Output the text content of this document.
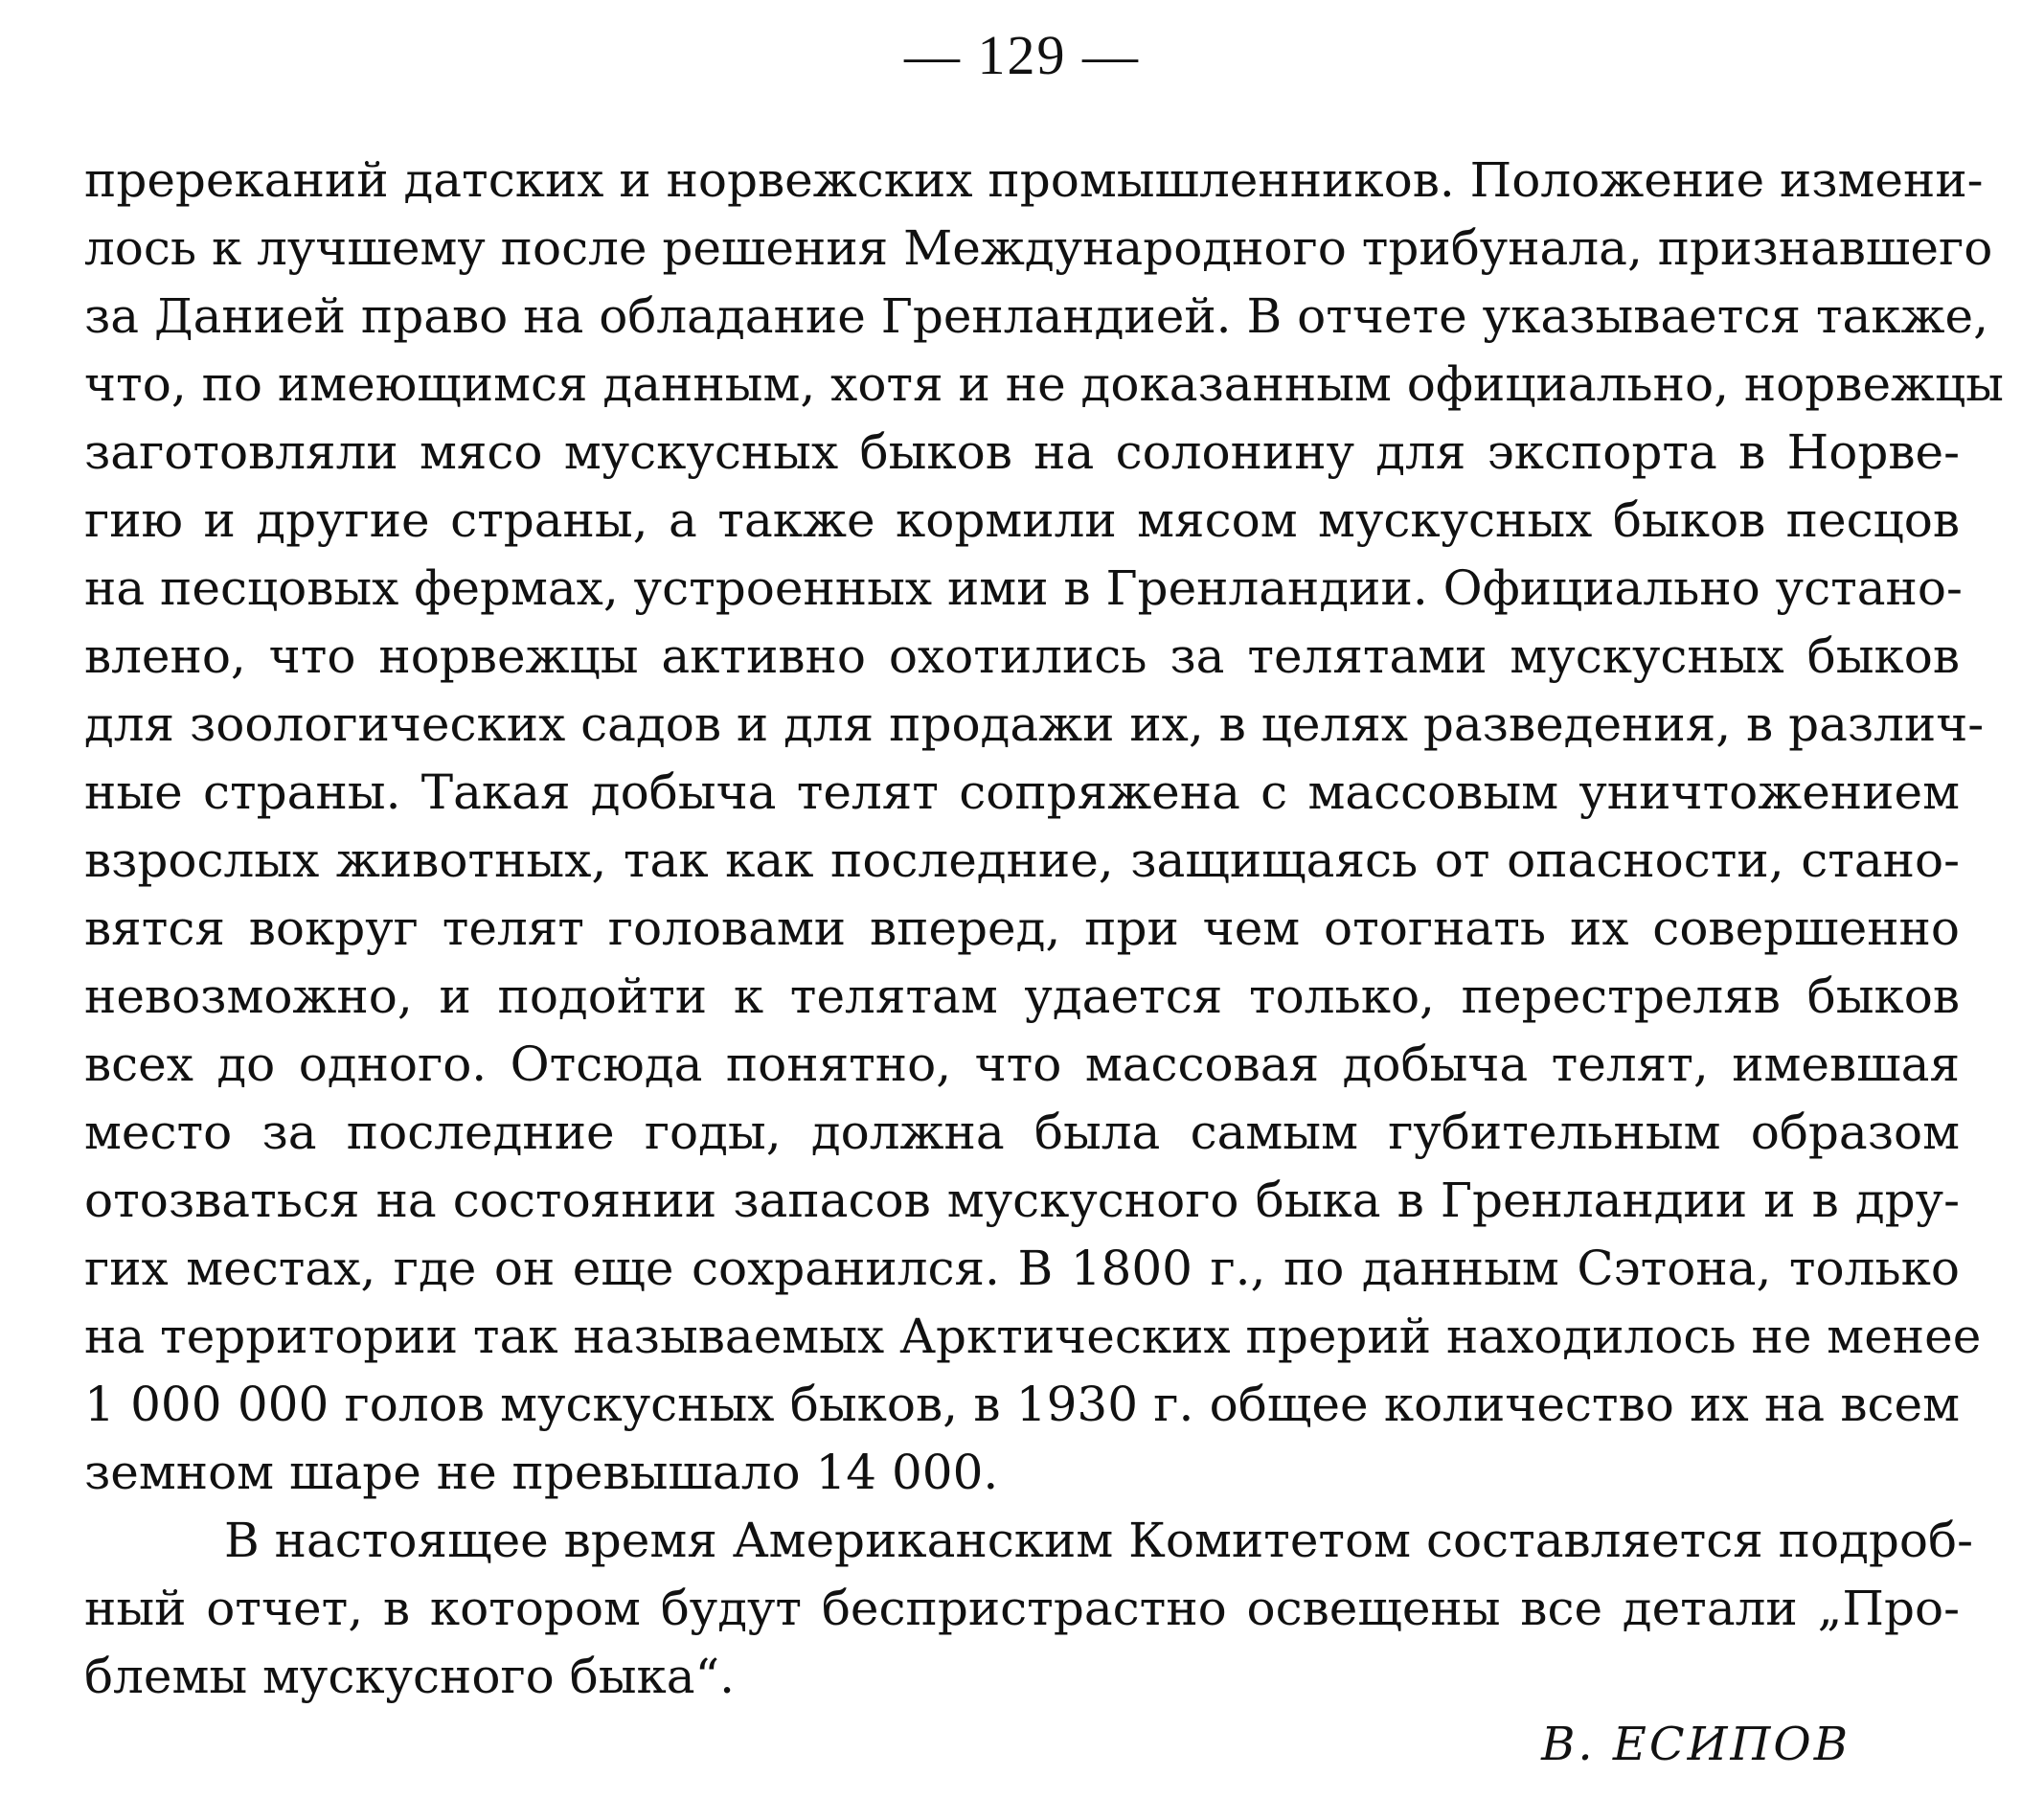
— 129 —
пререканий датских и норвежских промышленников. Положение измени-
лось к лучшему после решения Международного трибунала, признавшего
за Данией право на обладание Гренландией. В отчете указывается также,
что, по имеющимся данным, хотя и не доказанным официально, норвежцы
заготовляли мясо мускусных быков на солонину для экспорта в Норве-
гию и другие страны, а также кормили мясом мускусных быков песцов
на песцовых фермах, устроенных ими в Гренландии. Официально устано-
влено, что норвежцы активно охотились за телятами мускусных быков
для зоологических садов и для продажи их, в целях разведения, в различ-
ные страны. Такая добыча телят сопряжена с массовым уничтожением
взрослых животных, так как последние, защищаясь от опасности, стано-
вятся вокруг телят головами вперед, при чем отогнать их совершенно
невозможно, и подойти к телятам удается только, перестреляв быков
всех до одного. Отсюда понятно, что массовая добыча телят, имевшая
место за последние годы, должна была самым губительным образом
отозваться на состоянии запасов мускусного быка в Гренландии и в дру-
гих местах, где он еще сохранился. В 1800 г., по данным Сэтона, только
на территории так называемых Арктических прерий находилось не менее
1 000 000 голов мускусных быков, в 1930 г. общее количество их на всем
земном шаре не превышало 14 000.
В настоящее время Американским Комитетом составляется подроб-
ный отчет, в котором будут беспристрастно освещены все детали „Про-
блемы мускусного быка“.
В. ЕСИПОВ
